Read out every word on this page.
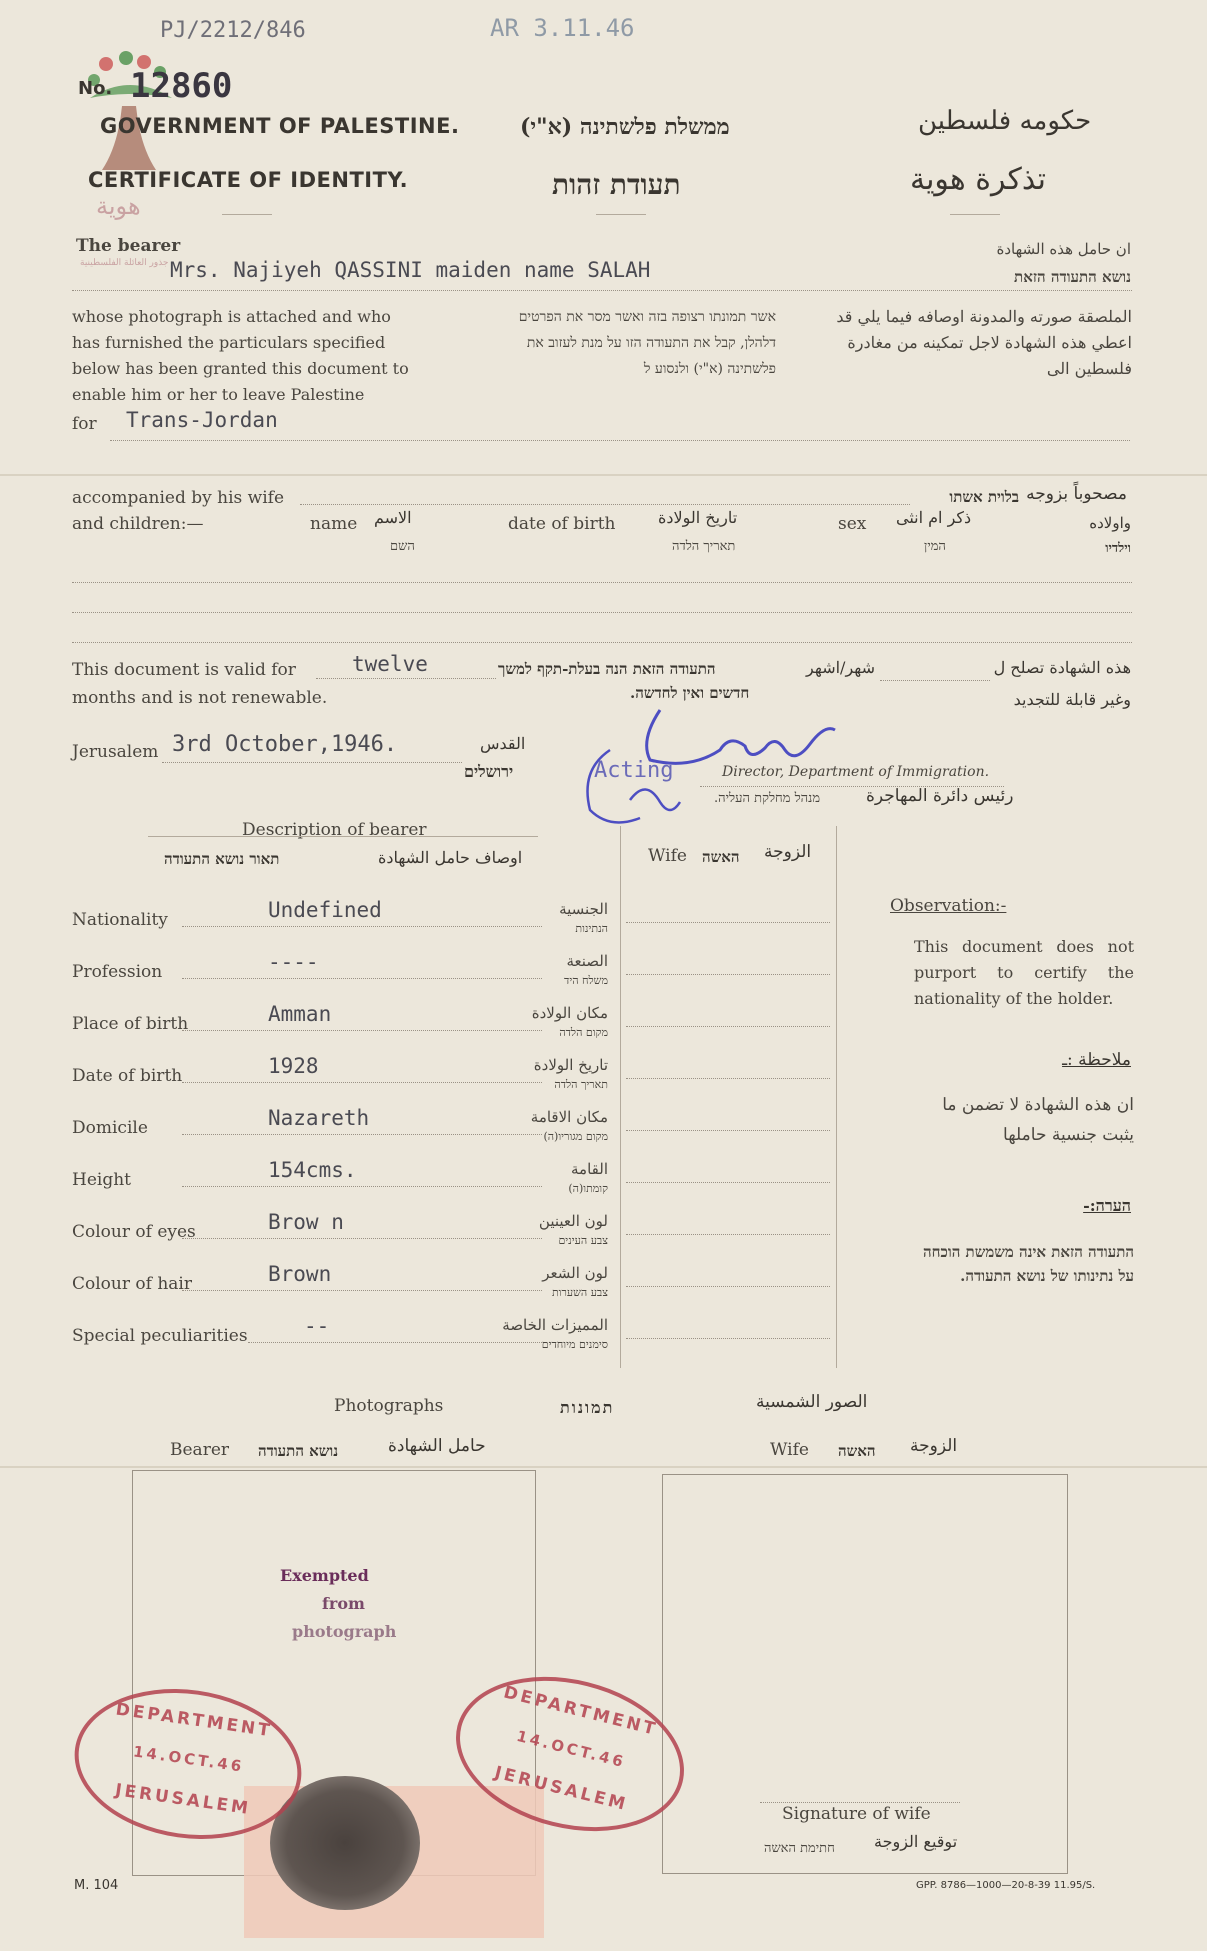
هوية
جذور العائلة الفلسطينية
PJ/2212/846	AR 3.11.46
No. 12860
GOVERNMENT OF PALESTINE.	ממשלת פלשתינה (א"י)	حكومه فلسطين
CERTIFICATE OF IDENTITY.	תעודת זהות	تذكرة هوية
The bearer	ان حامل هذه الشهادة
נושא התעודה הזאת
Mrs. Najiyeh QASSINI maiden name SALAH
whose photograph is attached and who has furnished the particulars specified below has been granted this document to enable him or her to leave Palestine
אשר תמונתו רצופה בזה ואשר מסר את הפרטים דלהלן, קבל את התעודה הזו על מנת לעזוב את פלשתינה (א"י) ולנסוע ל
الملصقة صورته والمدونة اوصافه فيما يلي قد اعطي هذه الشهادة لاجل تمكينه من مغادرة فلسطين الى
for Trans-Jordan
accompanied by his wife
and children:—
مصحوباً بزوجه
בלוית אשתו
واولاده
וילדיו
name الاسم
השם
date of birth	تاريخ الولادة
תאריך הלדה
sex ذكر ام انثى
המין
This document is valid for	twelve
months and is not renewable.
התעודה הזאת הנה בעלת-תקף למשך
חדשים ואין לחדשה.
شهر/اشهر	هذه الشهادة تصلح ل
وغير قابلة للتجديد
Jerusalem 3rd October,1946.	القدس
ירושלים	Acting	Director, Department of Immigration.
מנהל מחלקת העליה.	رئيس دائرة المهاجرة
Description of bearer
اوصاف حامل الشهادة
תאור נושא התעודה	Wife האשה الزوجة
Nationality	Undefined	الجنسية
הנתינות
Profession	----	الصنعة
משלח היד
Place of birth	Amman	مكان الولادة
מקום הלדה
Date of birth	1928	تاريخ الولادة
תאריך הלדה
Domicile	Nazareth	مكان الاقامة
מקום מגוריו(ה)
Height	154cms.	القامة
קומתו(ה)
Colour of eyes	Brow n	لون العينين
צבע העינים
Colour of hair	Brown	لون الشعر
צבע השערות
Special peculiarities	--	المميزات الخاصة
סימנים מיוחדים
Observation:-
This document does not purport to certify the nationality of the holder.
ملاحظة :ـ
ان هذه الشهادة لا تضمن ما يثبت جنسية حاملها
הערה:-
התעודה הזאת אינה משמשת הוכחה על נתינותו של נושא התעודה.
Photographs	תמונות	الصور الشمسية
Bearer נושא התעודה	حامل الشهادة	Wife האשה الزوجة
Exempted
from
photograph
DEPARTMENT
14.OCT.46
JERUSALEM
DEPARTMENT
14.OCT.46
JERUSALEM	Signature of wife
חתימת האשה توقيع الزوجة
M. 104	GPP. 8786—1000—20-8-39 11.95/S.
